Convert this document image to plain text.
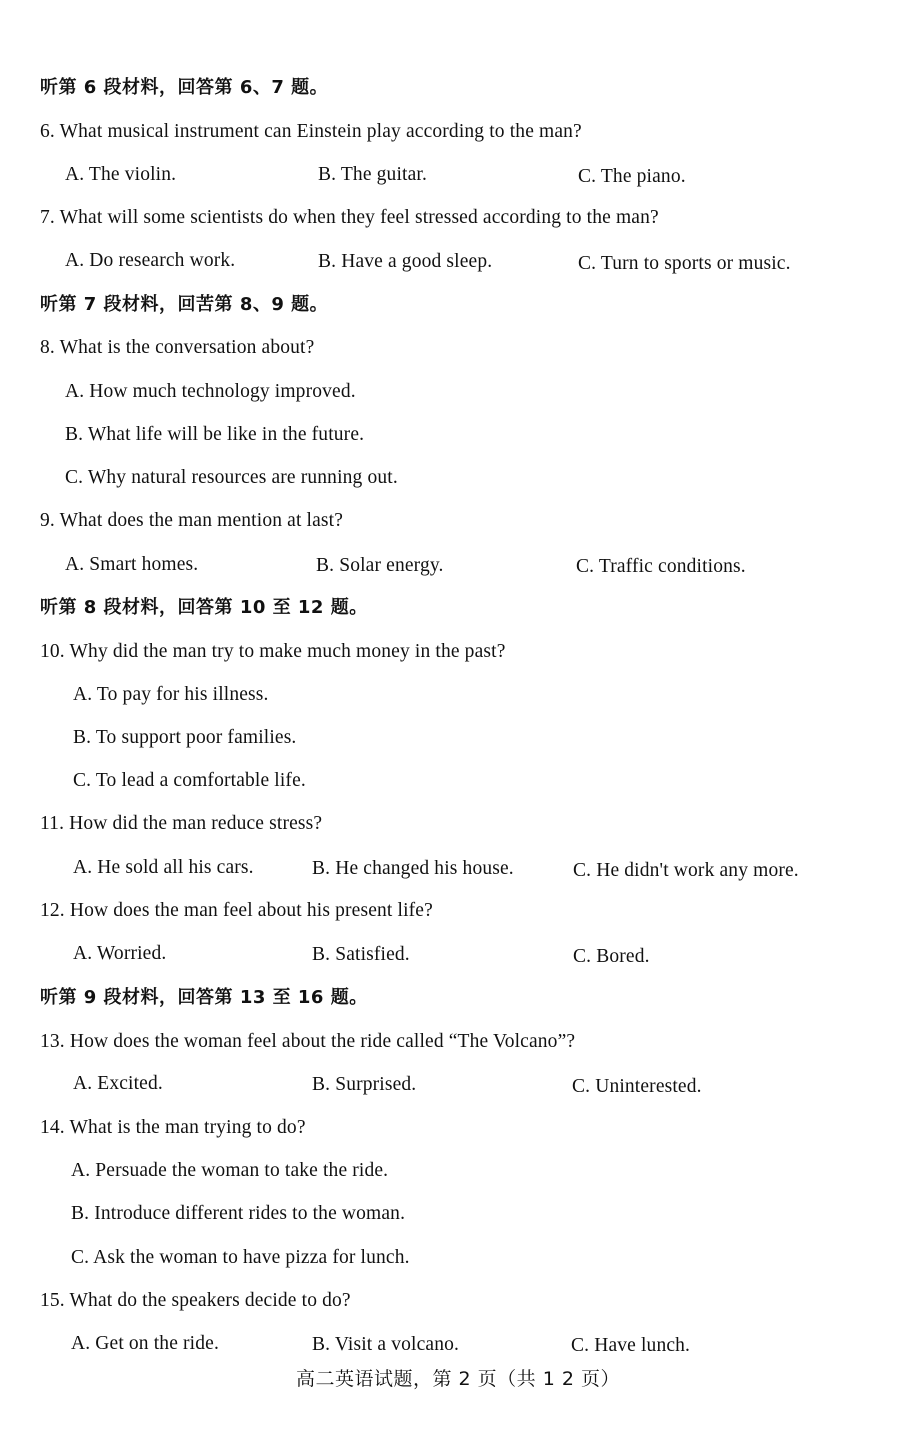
听第 6 段材料，回答第 6、7 题。
6. What musical instrument can Einstein play according to the man?
A. The violin.	B. The guitar.	C. The piano.
7. What will some scientists do when they feel stressed according to the man?
A. Do research work.	B. Have a good sleep.	C. Turn to sports or music.
听第 7 段材料，回苦第 8、9 题。
8. What is the conversation about?
A. How much technology improved.
B. What life will be like in the future.
C. Why natural resources are running out.
9. What does the man mention at last?
A. Smart homes.	B. Solar energy.	C. Traffic conditions.
听第 8 段材料，回答第 10 至 12 题。
10. Why did the man try to make much money in the past?
A. To pay for his illness.
B. To support poor families.
C. To lead a comfortable life.
11. How did the man reduce stress?
A. He sold all his cars.	B. He changed his house.	C. He didn't work any more.
12. How does the man feel about his present life?
A. Worried.	B. Satisfied.	C. Bored.
听第 9 段材料，回答第 13 至 16 题。
13. How does the woman feel about the ride called “The Volcano”?
A. Excited.	B. Surprised.	C. Uninterested.
14. What is the man trying to do?
A. Persuade the woman to take the ride.
B. Introduce different rides to the woman.
C. Ask the woman to have pizza for lunch.
15. What do the speakers decide to do?
A. Get on the ride.	B. Visit a volcano.	C. Have lunch.
高二英语试题，第 2 页（共 1 2 页）
